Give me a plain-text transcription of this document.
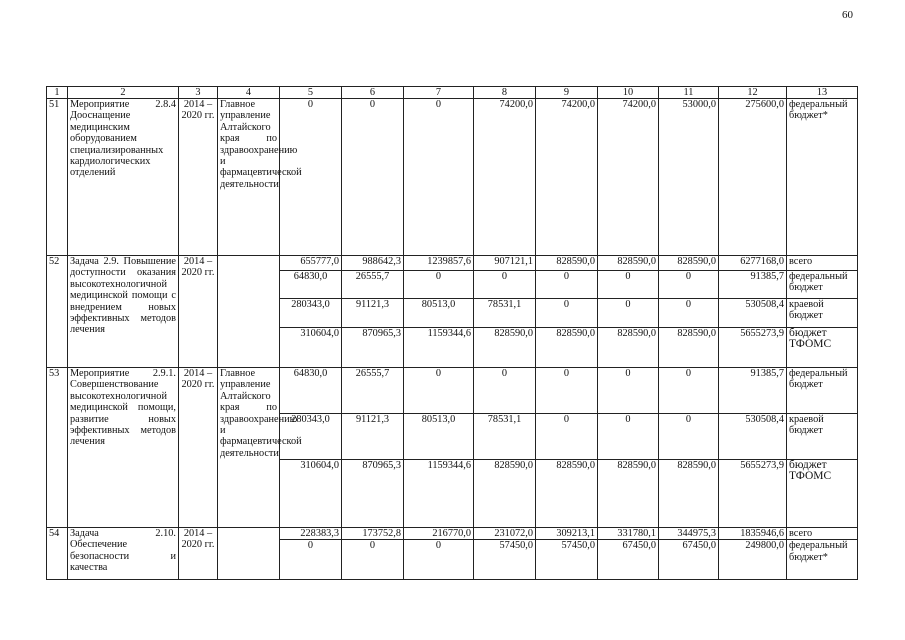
60
1	2	3	4	5	6	7	8	9	10	11	12	13
51	Мероприятие 2.8.4 Дооснащение медицинским оборудованием специализированных кардиологических отделений	2014 – 2020 гг.	Главное управление Алтайского края по здравоохранению и фармацевтической деятельности	0	0	0	74200,0	74200,0	74200,0	53000,0	275600,0	федеральный бюджет*
52	Задача 2.9. Повышение доступности оказания высокотехнологичной медицинской помощи с внедрением новых эффективных методов лечения	2014 – 2020 гг.		655777,0	988642,3	1239857,6	907121,1	828590,0	828590,0	828590,0	6277168,0	всего
				64830,0	26555,7	0	0	0	0	0	91385,7	федеральный бюджет
				280343,0	91121,3	80513,0	78531,1	0	0	0	530508,4	краевой бюджет
				310604,0	870965,3	1159344,6	828590,0	828590,0	828590,0	828590,0	5655273,9	бюджет ТФОМС
53	Мероприятие 2.9.1. Совершенствование высокотехнологичной медицинской помощи, развитие новых эффективных методов лечения	2014 – 2020 гг.	Главное управление Алтайского края по здравоохранению и фармацевтической деятельности	64830,0	26555,7	0	0	0	0	0	91385,7	федеральный бюджет
				280343,0	91121,3	80513,0	78531,1	0	0	0	530508,4	краевой бюджет
				310604,0	870965,3	1159344,6	828590,0	828590,0	828590,0	828590,0	5655273,9	бюджет ТФОМС
54	Задача 2.10. Обеспечение безопасности и качества	2014 – 2020 гг.		228383,3	173752,8	216770,0	231072,0	309213,1	331780,1	344975,3	1835946,6	всего
				0	0	0	57450,0	57450,0	67450,0	67450,0	249800,0	федеральный бюджет*
